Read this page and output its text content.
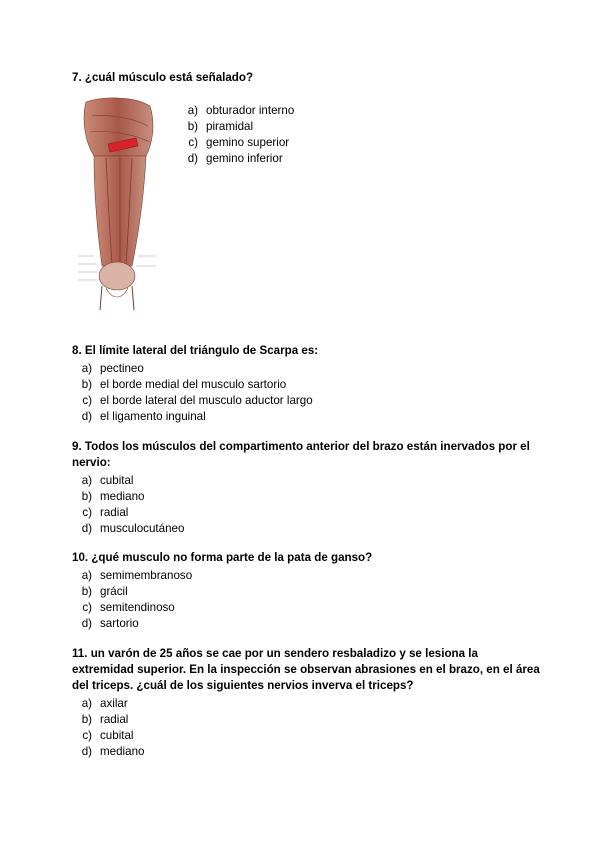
7. ¿cuál músculo está señalado?
a) obturador interno
b) piramidal
c) gemino superior
d) gemino inferior
8. El límite lateral del triángulo de Scarpa es:
a) pectineo
b) el borde medial del musculo sartorio
c) el borde lateral del musculo aductor largo
d) el ligamento inguinal
9. Todos los músculos del compartimento anterior del brazo están inervados por el nervio:
a) cubital
b) mediano
c) radial
d) musculocutáneo
10. ¿qué musculo no forma parte de la pata de ganso?
a) semimembranoso
b) grácil
c) semitendinoso
d) sartorio
11. un varón de 25 años se cae por un sendero resbaladizo y se lesiona la extremidad superior. En la inspección se observan abrasiones en el brazo, en el área del triceps. ¿cuál de los siguientes nervios inverva el triceps?
a) axilar
b) radial
c) cubital
d) mediano
